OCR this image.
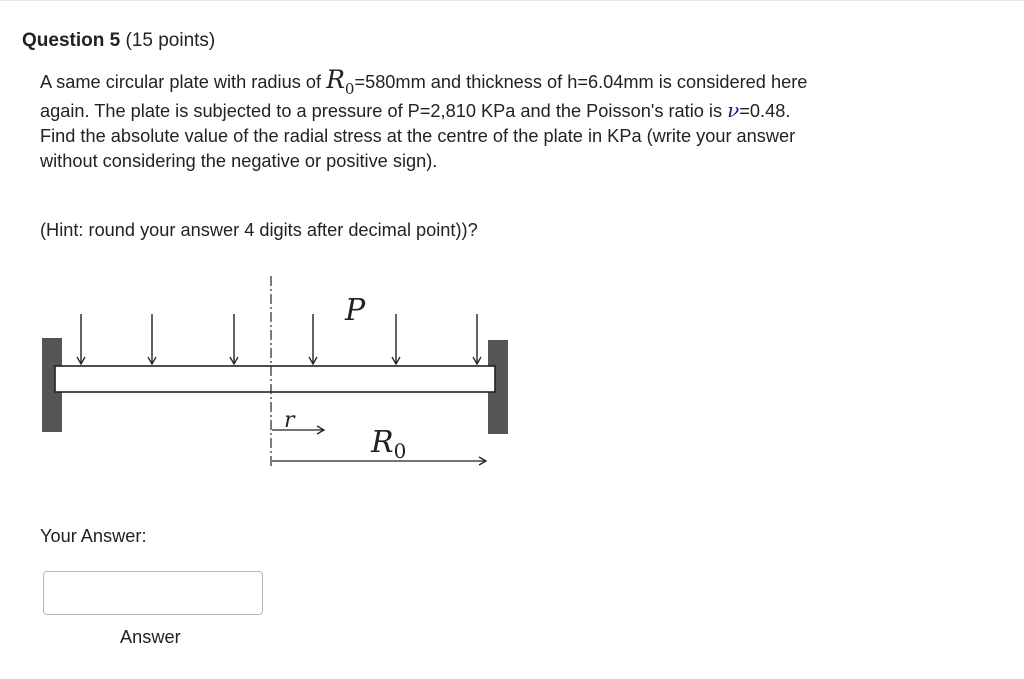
Question 5 (15 points)
A same circular plate with radius of $R_0=580mm$ and thickness of h=6.04mm is considered here again. The plate is subjected to a pressure of P=2,810 KPa and the Poisson's ratio is ν=0.48. Find the absolute value of the radial stress at the centre of the plate in KPa (write your answer without considering the negative or positive sign).
(Hint: round your answer 4 digits after decimal point))?
P
r
$R_0$
Your Answer:
Answer
